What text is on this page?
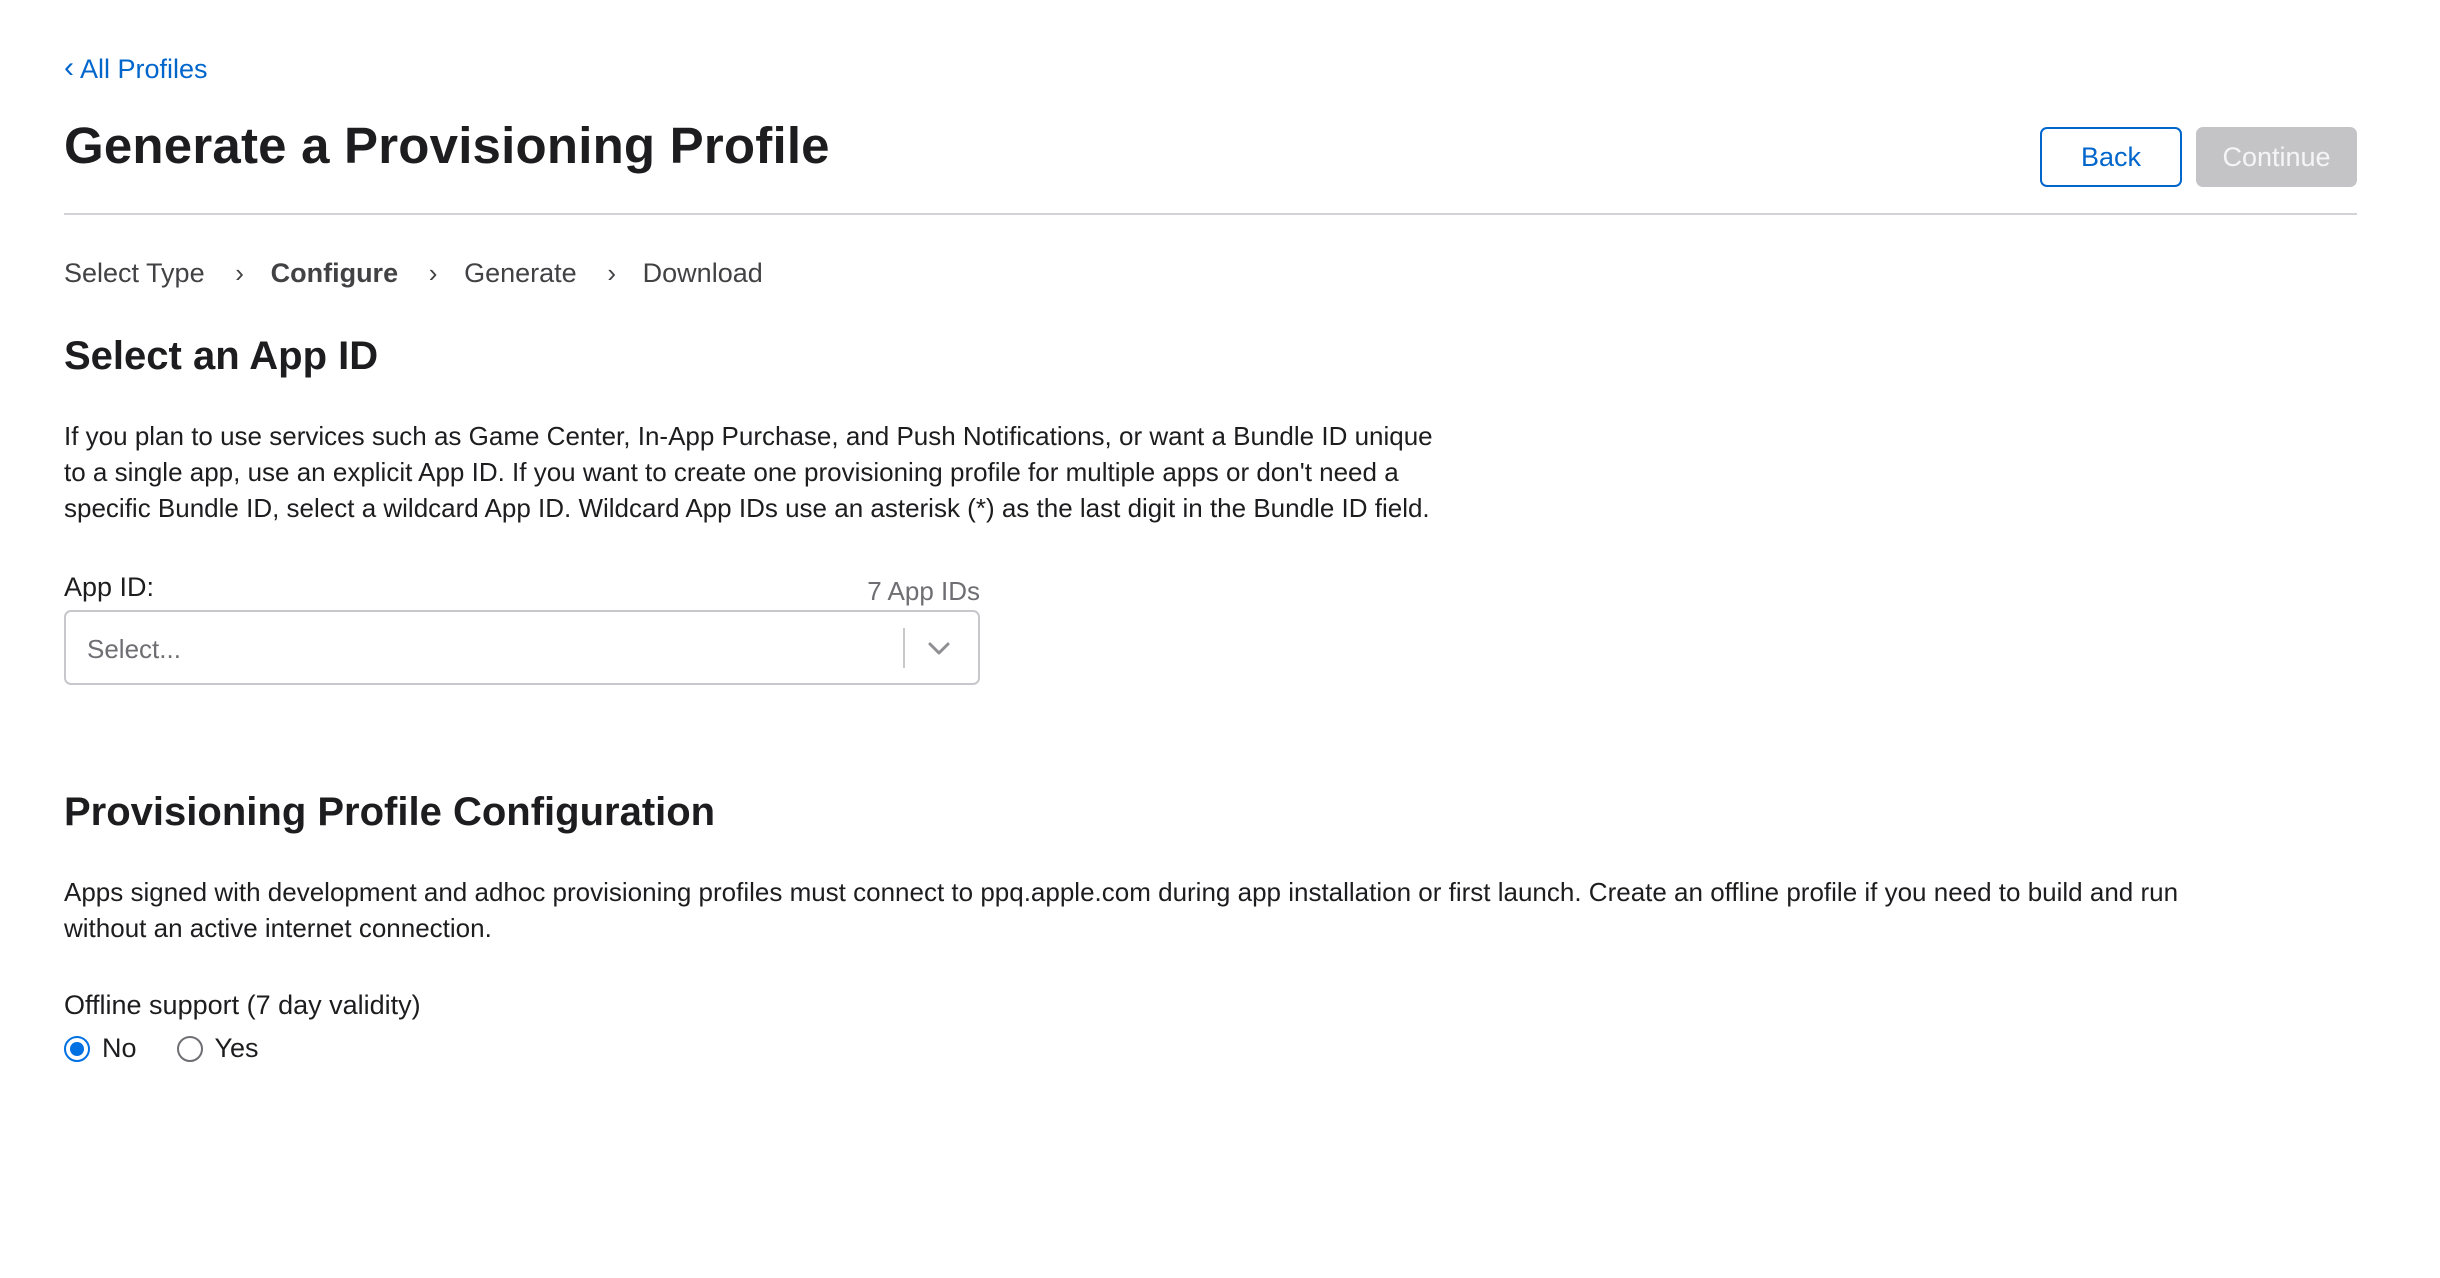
‹ All Profiles
Generate a Provisioning Profile	Back	Continue
Select Type › Configure › Generate › Download
Select an App ID
If you plan to use services such as Game Center, In-App Purchase, and Push Notifications, or want a Bundle ID unique
to a single app, use an explicit App ID. If you want to create one provisioning profile for multiple apps or don't need a
specific Bundle ID, select a wildcard App ID. Wildcard App IDs use an asterisk (*) as the last digit in the Bundle ID field.
App ID:	7 App IDs
Select...
Provisioning Profile Configuration
Apps signed with development and adhoc provisioning profiles must connect to ppq.apple.com during app installation or first launch. Create an offline profile if you need to build and run
without an active internet connection.
Offline support (7 day validity)
No	Yes
